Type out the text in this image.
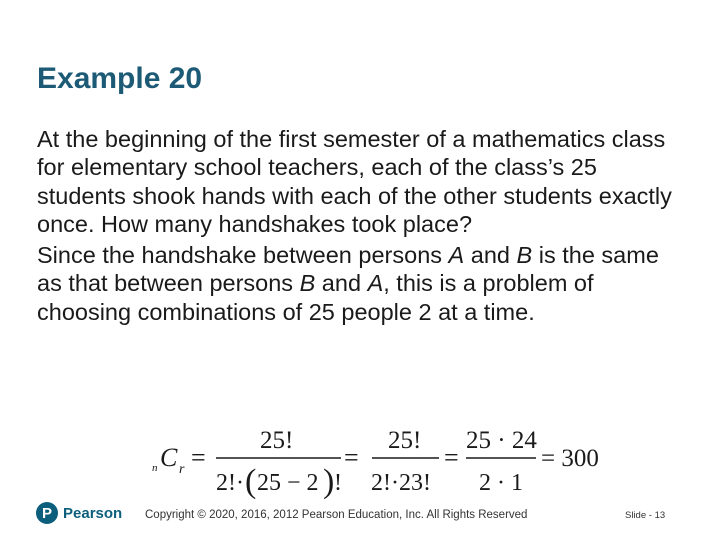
Example 20

At the beginning of the first semester of a mathematics class for elementary school teachers, each of the class’s 25 students shook hands with each of the other students exactly once. How many handshakes took place?

Since the handshake between persons A and B is the same as that between persons B and A, this is a problem of choosing combinations of 25 people 2 at a time.

n C r =
25!
2!· ( 25 − 2 ) !
=
25!
2!·23!
=
25 · 24
2 · 1
= 300
P Pearson Copyright © 2020, 2016, 2012 Pearson Education, Inc. All Rights Reserved	Slide - 13
